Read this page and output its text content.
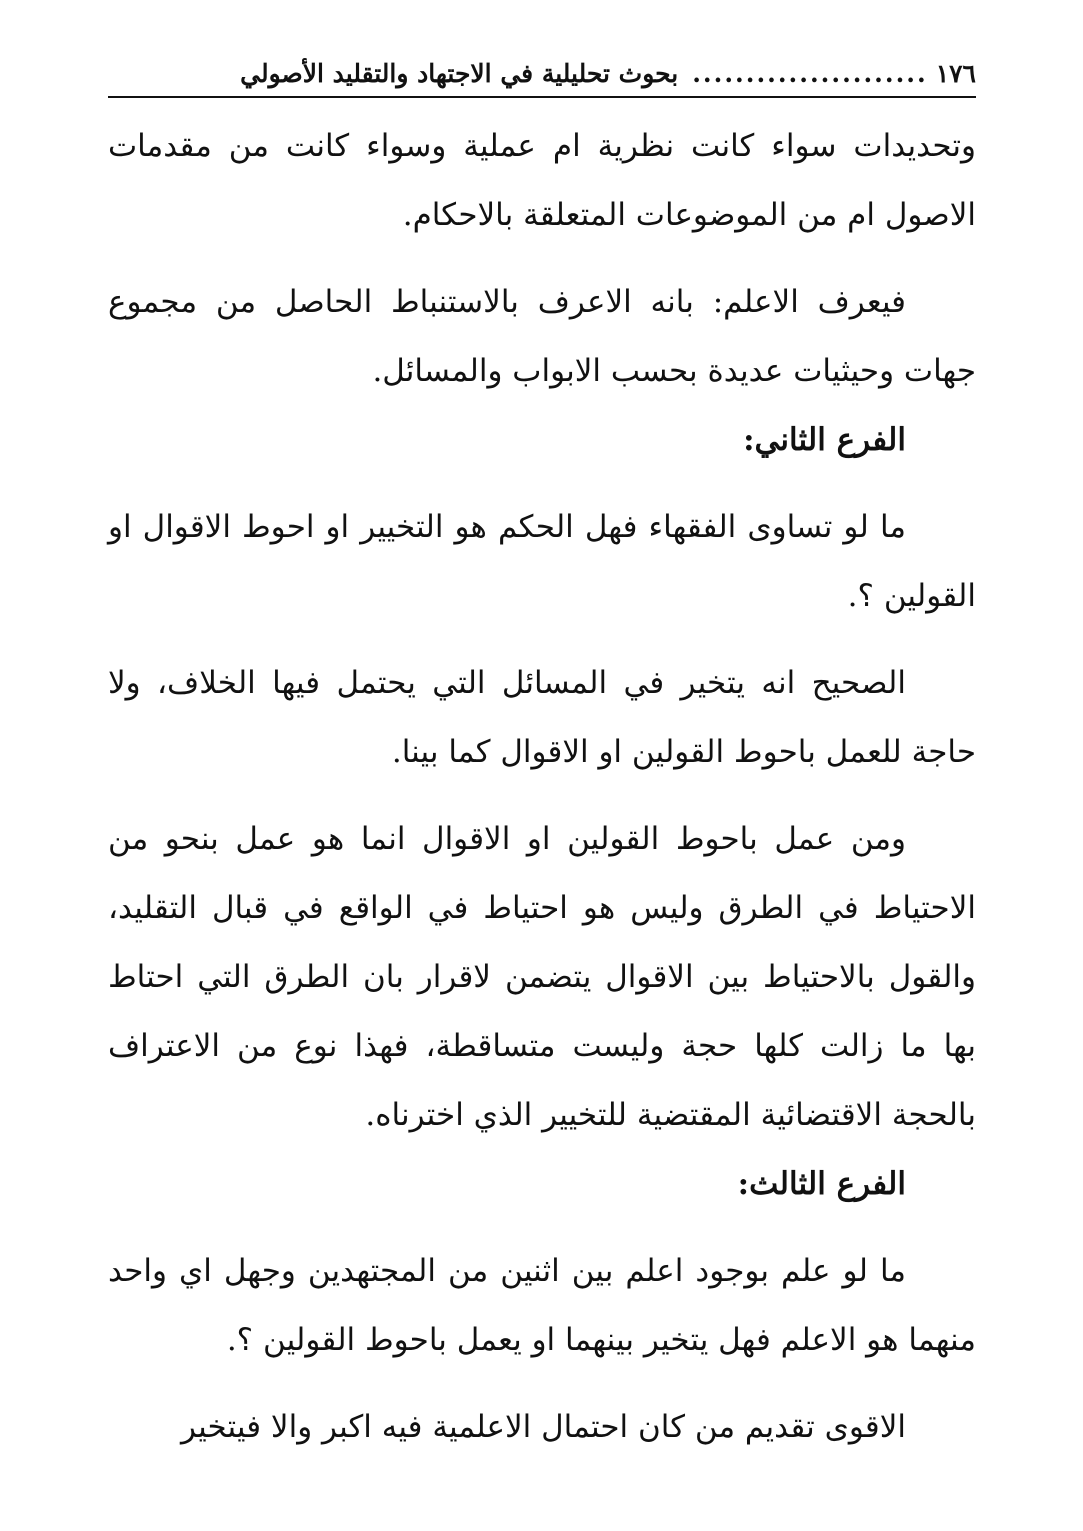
١٧٦
......................
بحوث تحليلية في الاجتهاد والتقليد الأصولي

وتحديدات سواء كانت نظرية ام عملية وسواء كانت من مقدمات الاصول ام من الموضوعات المتعلقة بالاحكام.

فيعرف الاعلم: بانه الاعرف بالاستنباط الحاصل من مجموع جهات وحيثيات عديدة بحسب الابواب والمسائل.

الفرع الثاني:

ما لو تساوى الفقهاء فهل الحكم هو التخيير او احوط الاقوال او القولين ؟.

الصحيح انه يتخير في المسائل التي يحتمل فيها الخلاف، ولا حاجة للعمل باحوط القولين او الاقوال كما بينا.

ومن عمل باحوط القولين او الاقوال انما هو عمل بنحو من الاحتياط في الطرق وليس هو احتياط في الواقع في قبال التقليد، والقول بالاحتياط بين الاقوال يتضمن لاقرار بان الطرق التي احتاط بها ما زالت كلها حجة وليست متساقطة، فهذا نوع من الاعتراف بالحجة الاقتضائية المقتضية للتخيير الذي اخترناه.

الفرع الثالث:

ما لو علم بوجود اعلم بين اثنين من المجتهدين وجهل اي واحد منهما هو الاعلم فهل يتخير بينهما او يعمل باحوط القولين ؟.

الاقوى تقديم من كان احتمال الاعلمية فيه اكبر والا فيتخير
